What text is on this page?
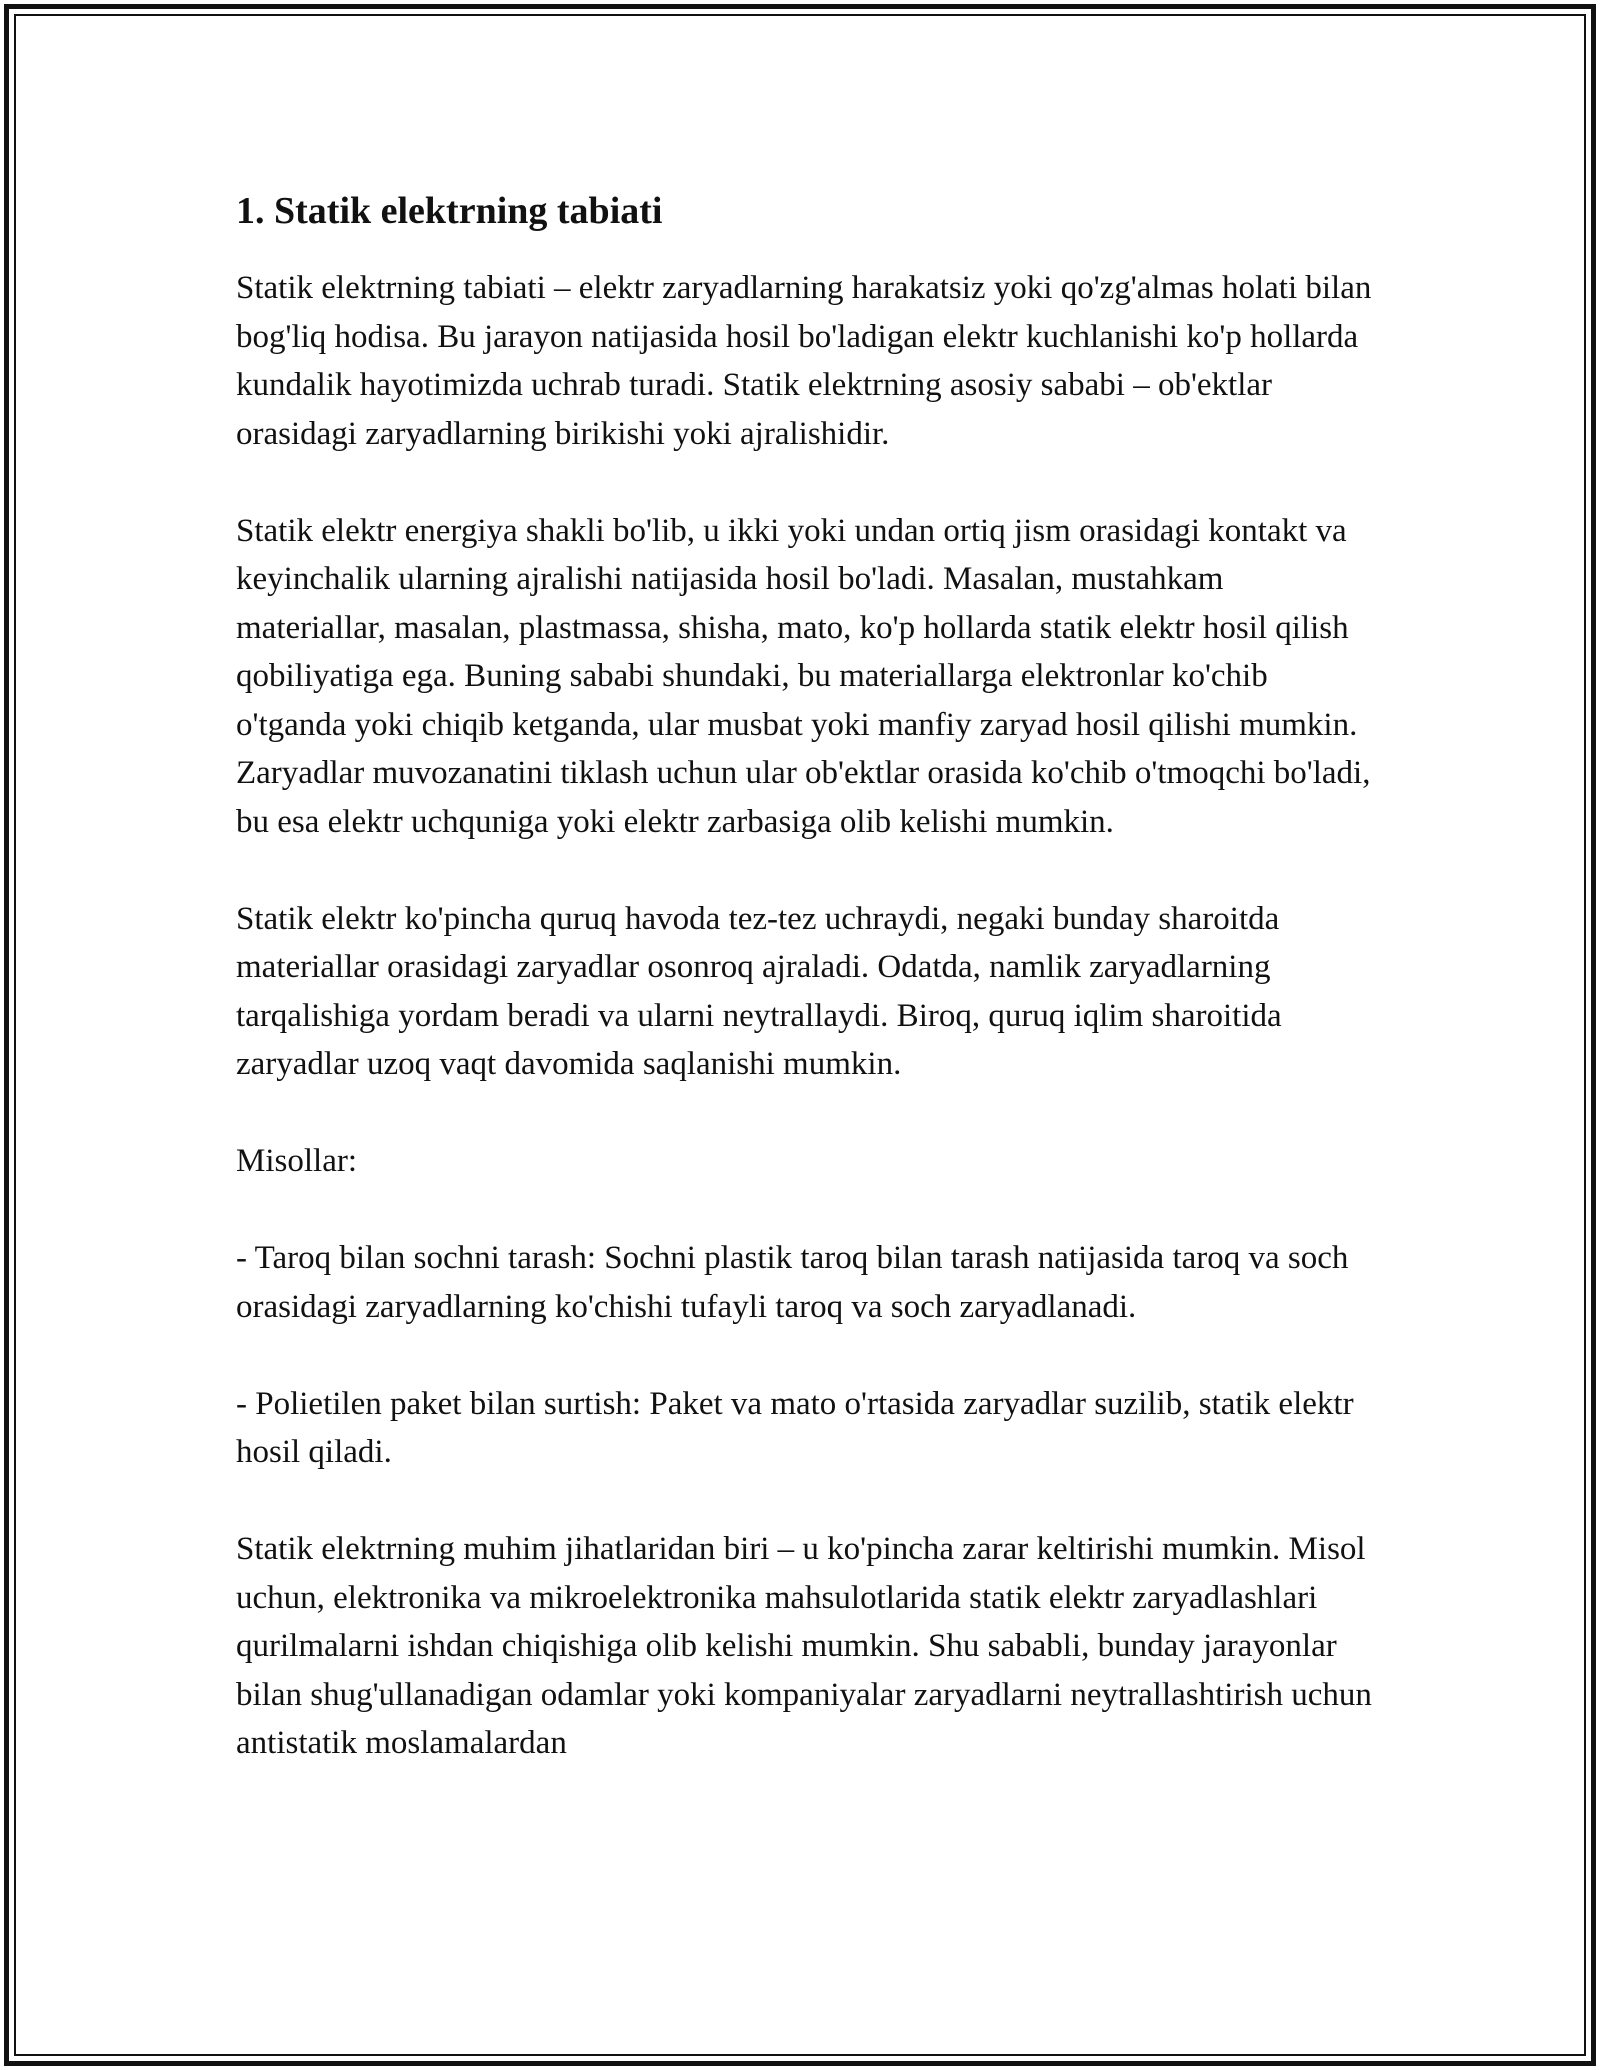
1. Statik elektrning tabiati

Statik elektrning tabiati – elektr zaryadlarning harakatsiz yoki qo'zg'almas holati bilan bog'liq hodisa. Bu jarayon natijasida hosil bo'ladigan elektr kuchlanishi ko'p hollarda kundalik hayotimizda uchrab turadi. Statik elektrning asosiy sababi – ob'ektlar orasidagi zaryadlarning birikishi yoki ajralishidir.

Statik elektr energiya shakli bo'lib, u ikki yoki undan ortiq jism orasidagi kontakt va keyinchalik ularning ajralishi natijasida hosil bo'ladi. Masalan, mustahkam materiallar, masalan, plastmassa, shisha, mato, ko'p hollarda statik elektr hosil qilish qobiliyatiga ega. Buning sababi shundaki, bu materiallarga elektronlar ko'chib o'tganda yoki chiqib ketganda, ular musbat yoki manfiy zaryad hosil qilishi mumkin. Zaryadlar muvozanatini tiklash uchun ular ob'ektlar orasida ko'chib o'tmoqchi bo'ladi, bu esa elektr uchquniga yoki elektr zarbasiga olib kelishi mumkin.

Statik elektr ko'pincha quruq havoda tez-tez uchraydi, negaki bunday sharoitda materiallar orasidagi zaryadlar osonroq ajraladi. Odatda, namlik zaryadlarning tarqalishiga yordam beradi va ularni neytrallaydi. Biroq, quruq iqlim sharoitida zaryadlar uzoq vaqt davomida saqlanishi mumkin.

Misollar:

- Taroq bilan sochni tarash: Sochni plastik taroq bilan tarash natijasida taroq va soch orasidagi zaryadlarning ko'chishi tufayli taroq va soch zaryadlanadi.

- Polietilen paket bilan surtish: Paket va mato o'rtasida zaryadlar suzilib, statik elektr hosil qiladi.

Statik elektrning muhim jihatlaridan biri – u ko'pincha zarar keltirishi mumkin. Misol uchun, elektronika va mikroelektronika mahsulotlarida statik elektr zaryadlashlari qurilmalarni ishdan chiqishiga olib kelishi mumkin. Shu sababli, bunday jarayonlar bilan shug'ullanadigan odamlar yoki kompaniyalar zaryadlarni neytrallashtirish uchun antistatik moslamalardan
